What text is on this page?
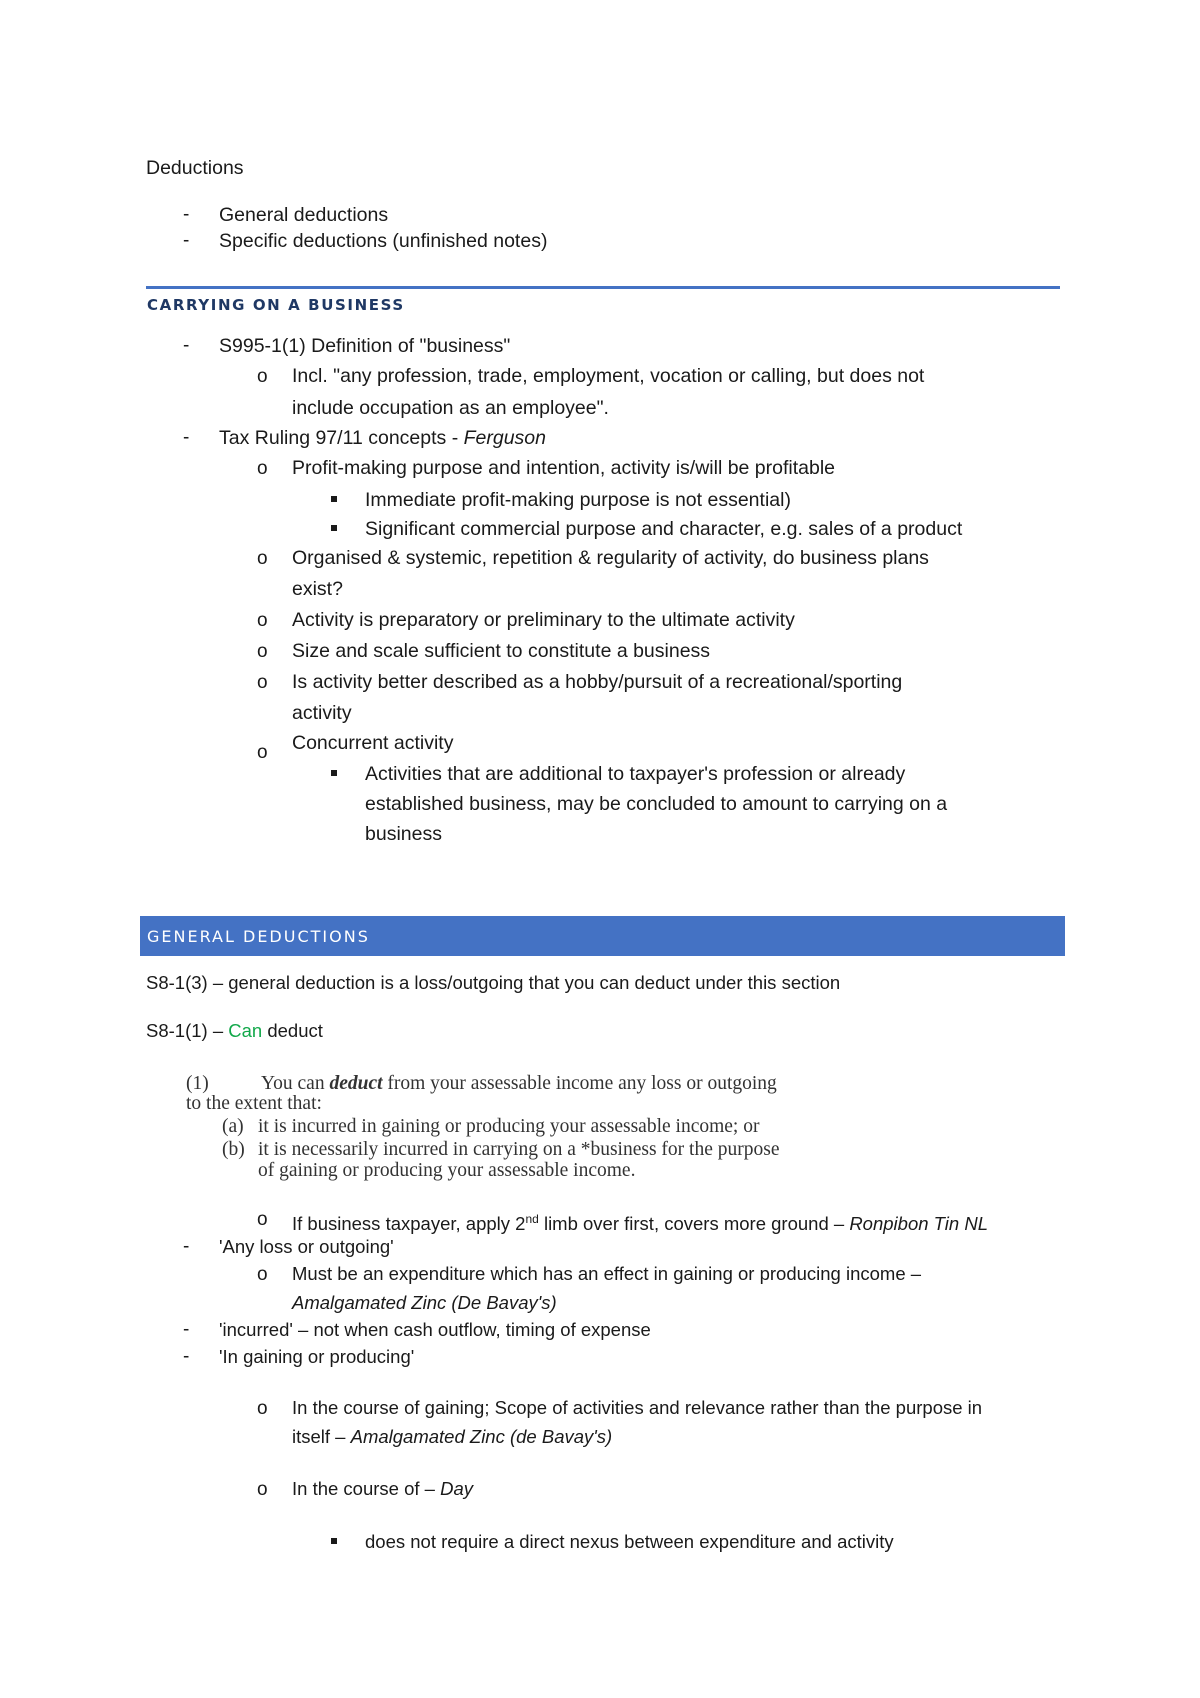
Deductions
- General deductions
- Specific deductions (unfinished notes)
CARRYING ON A BUSINESS
- S995-1(1) Definition of "business"
o Incl. "any profession, trade, employment, vocation or calling, but does not
include occupation as an employee".
- Tax Ruling 97/11 concepts - Ferguson
o Profit-making purpose and intention, activity is/will be profitable
Immediate profit-making purpose is not essential)
Significant commercial purpose and character, e.g. sales of a product
o Organised & systemic, repetition & regularity of activity, do business plans
exist?
o Activity is preparatory or preliminary to the ultimate activity
o Size and scale sufficient to constitute a business
o Is activity better described as a hobby/pursuit of a recreational/sporting
activity
o Concurrent activity
Activities that are additional to taxpayer's profession or already
established business, may be concluded to amount to carrying on a
business
GENERAL DEDUCTIONS
S8-1(3) – general deduction is a loss/outgoing that you can deduct under this section
S8-1(1) – Can deduct
(1)	You can deduct from your assessable income any loss or outgoing
to the extent that:
(a) it is incurred in gaining or producing your assessable income; or
(b) it is necessarily incurred in carrying on a *business for the purpose
of gaining or producing your assessable income.
o If business taxpayer, apply 2nd limb over first, covers more ground – Ronpibon Tin NL
- 'Any loss or outgoing'
o Must be an expenditure which has an effect in gaining or producing income –
Amalgamated Zinc (De Bavay's)
- 'incurred' – not when cash outflow, timing of expense
- 'In gaining or producing'
o In the course of gaining; Scope of activities and relevance rather than the purpose in
itself – Amalgamated Zinc (de Bavay's)
o In the course of – Day
does not require a direct nexus between expenditure and activity
